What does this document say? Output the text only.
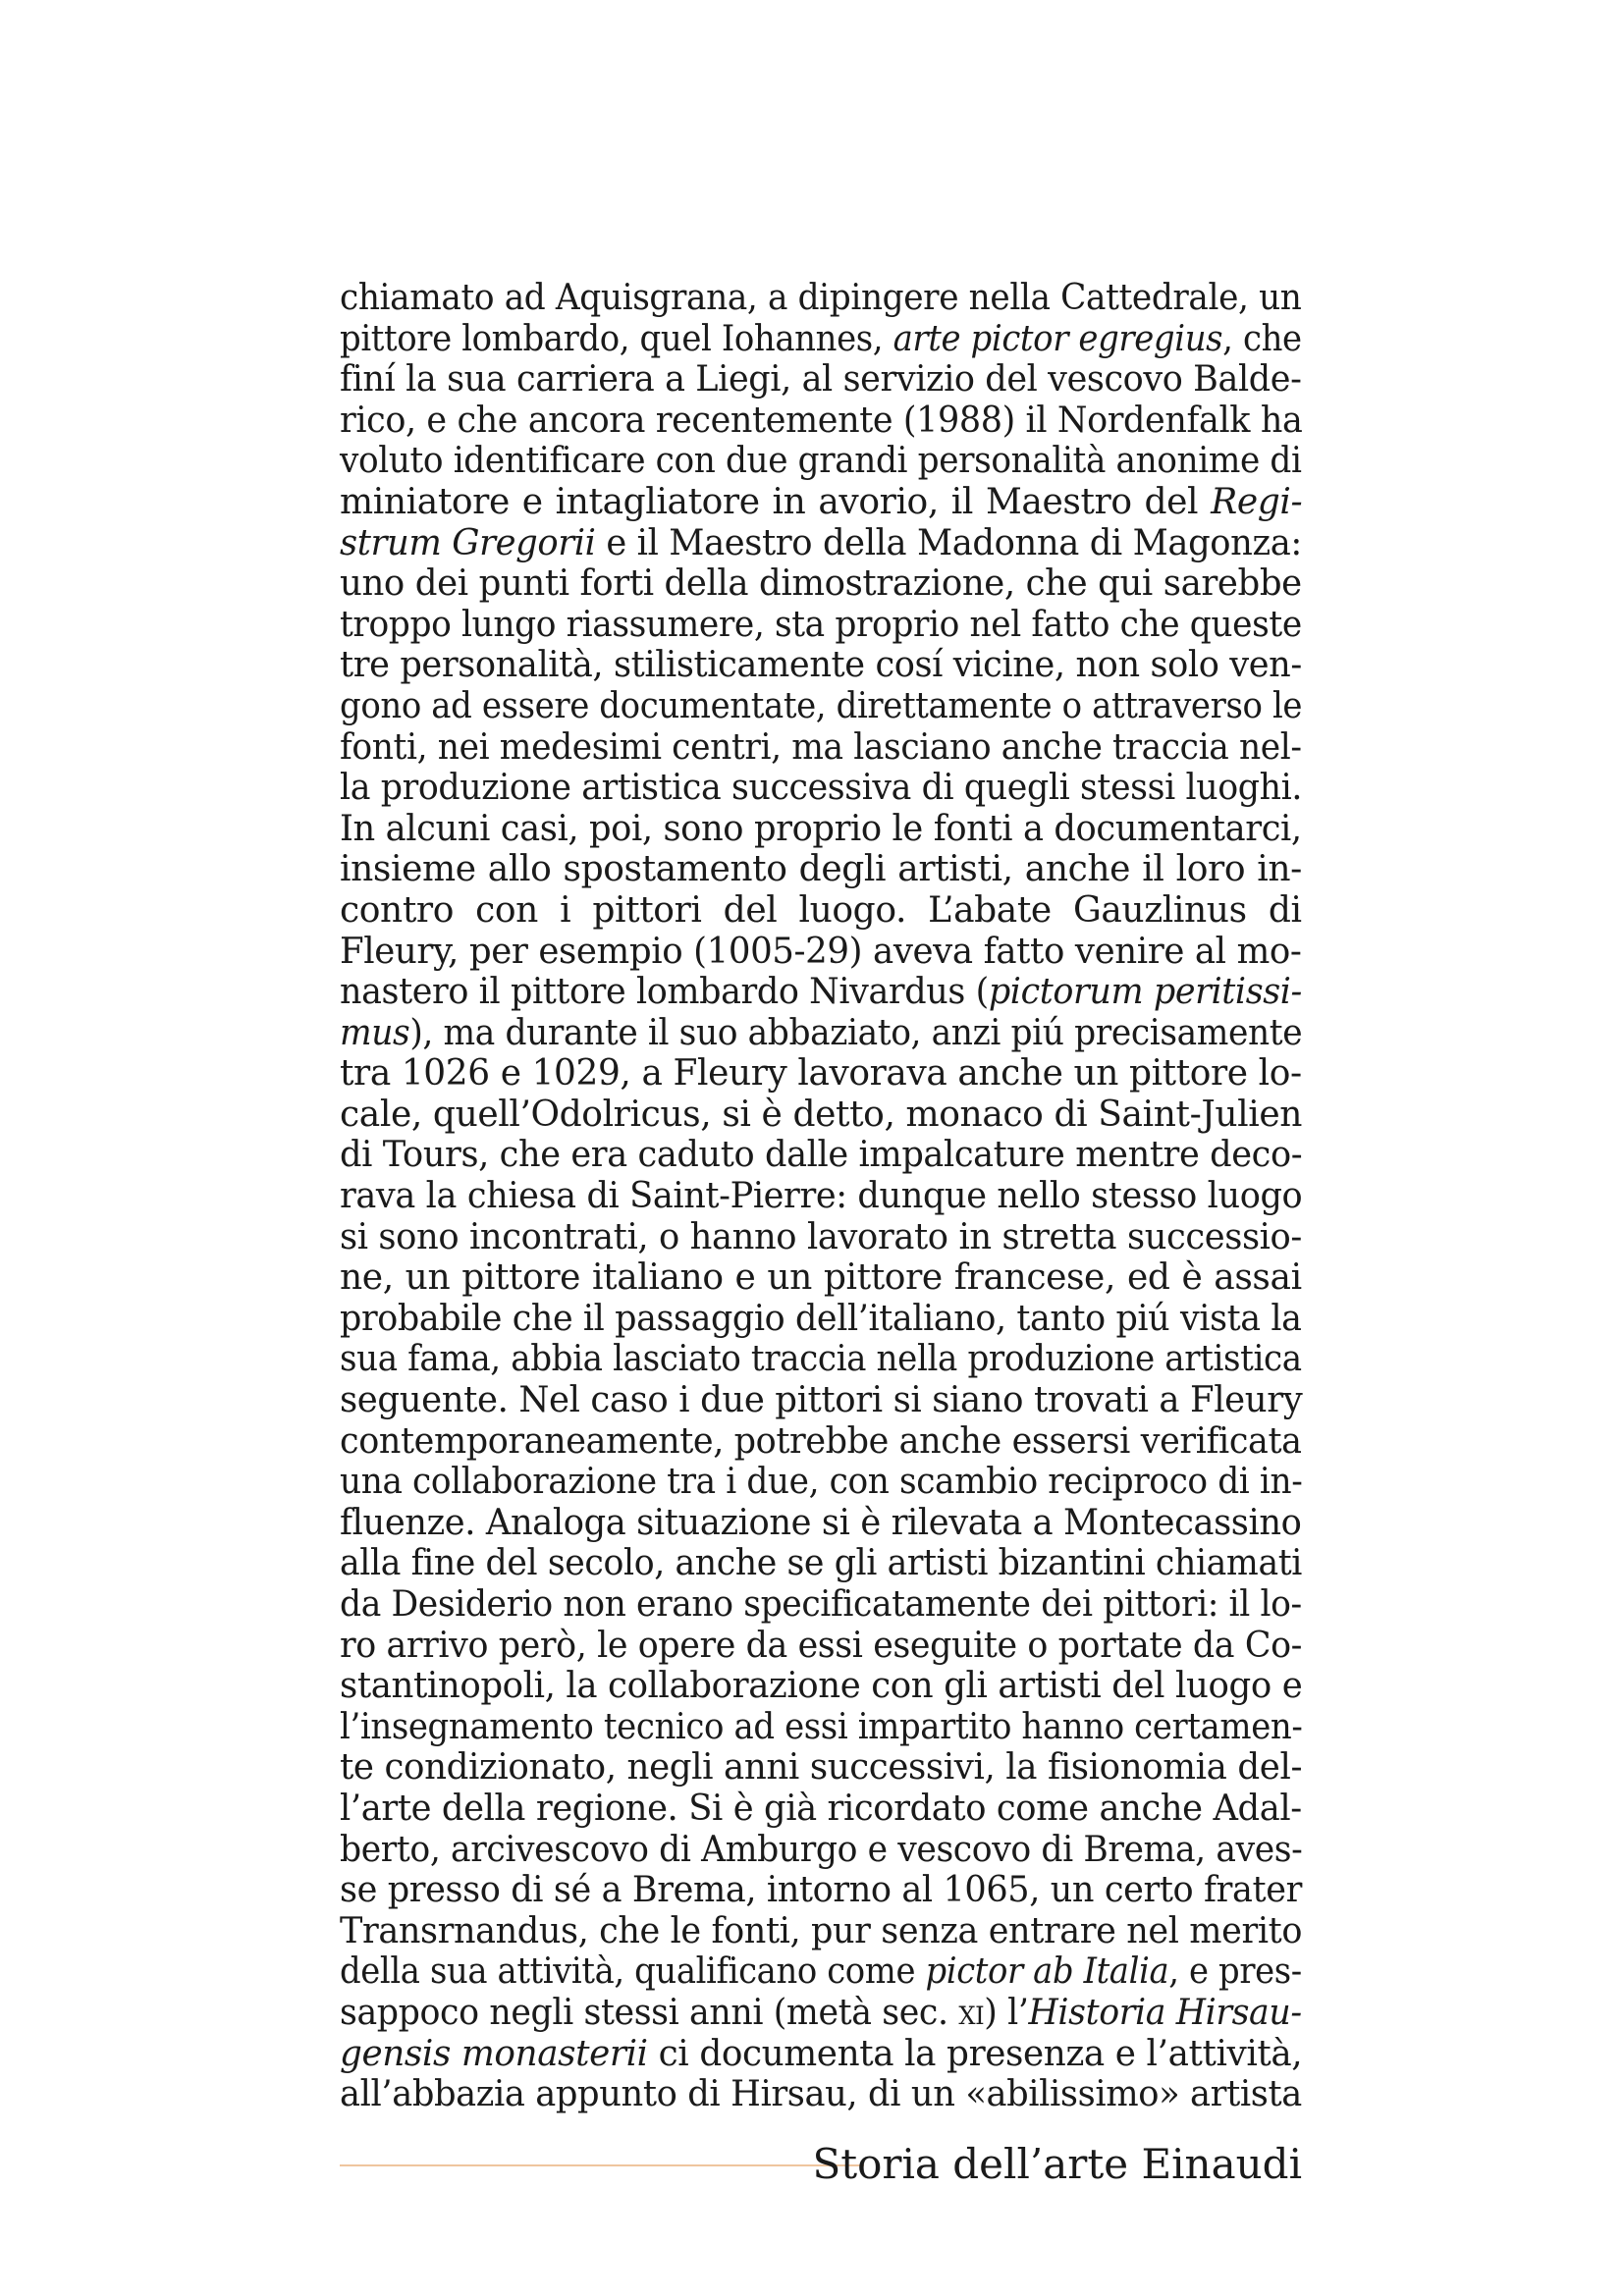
chiamato ad Aquisgrana, a dipingere nella Cattedrale, un
pittore lombardo, quel Iohannes, arte pictor egregius, che
finí la sua carriera a Liegi, al servizio del vescovo Balde-
rico, e che ancora recentemente (1988) il Nordenfalk ha
voluto identificare con due grandi personalità anonime di
miniatore e intagliatore in avorio, il Maestro del Regi-
strum Gregorii e il Maestro della Madonna di Magonza:
uno dei punti forti della dimostrazione, che qui sarebbe
troppo lungo riassumere, sta proprio nel fatto che queste
tre personalità, stilisticamente cosí vicine, non solo ven-
gono ad essere documentate, direttamente o attraverso le
fonti, nei medesimi centri, ma lasciano anche traccia nel-
la produzione artistica successiva di quegli stessi luoghi.
In alcuni casi, poi, sono proprio le fonti a documentarci,
insieme allo spostamento degli artisti, anche il loro in-
contro con i pittori del luogo. L’abate Gauzlinus di
Fleury, per esempio (1005-29) aveva fatto venire al mo-
nastero il pittore lombardo Nivardus (pictorum peritissi-
mus), ma durante il suo abbaziato, anzi piú precisamente
tra 1026 e 1029, a Fleury lavorava anche un pittore lo-
cale, quell’Odolricus, si è detto, monaco di Saint-Julien
di Tours, che era caduto dalle impalcature mentre deco-
rava la chiesa di Saint-Pierre: dunque nello stesso luogo
si sono incontrati, o hanno lavorato in stretta successio-
ne, un pittore italiano e un pittore francese, ed è assai
probabile che il passaggio dell’italiano, tanto piú vista la
sua fama, abbia lasciato traccia nella produzione artistica
seguente. Nel caso i due pittori si siano trovati a Fleury
contemporaneamente, potrebbe anche essersi verificata
una collaborazione tra i due, con scambio reciproco di in-
fluenze. Analoga situazione si è rilevata a Montecassino
alla fine del secolo, anche se gli artisti bizantini chiamati
da Desiderio non erano specificatamente dei pittori: il lo-
ro arrivo però, le opere da essi eseguite o portate da Co-
stantinopoli, la collaborazione con gli artisti del luogo e
l’insegnamento tecnico ad essi impartito hanno certamen-
te condizionato, negli anni successivi, la fisionomia del-
l’arte della regione. Si è già ricordato come anche Adal-
berto, arcivescovo di Amburgo e vescovo di Brema, aves-
se presso di sé a Brema, intorno al 1065, un certo frater
Transrnandus, che le fonti, pur senza entrare nel merito
della sua attività, qualificano come pictor ab Italia, e pres-
sappoco negli stessi anni (metà sec. xi) l’Historia Hirsau-
gensis monasterii ci documenta la presenza e l’attività,
all’abbazia appunto di Hirsau, di un «abilissimo» artista
Storia dell’arte Einaudi
